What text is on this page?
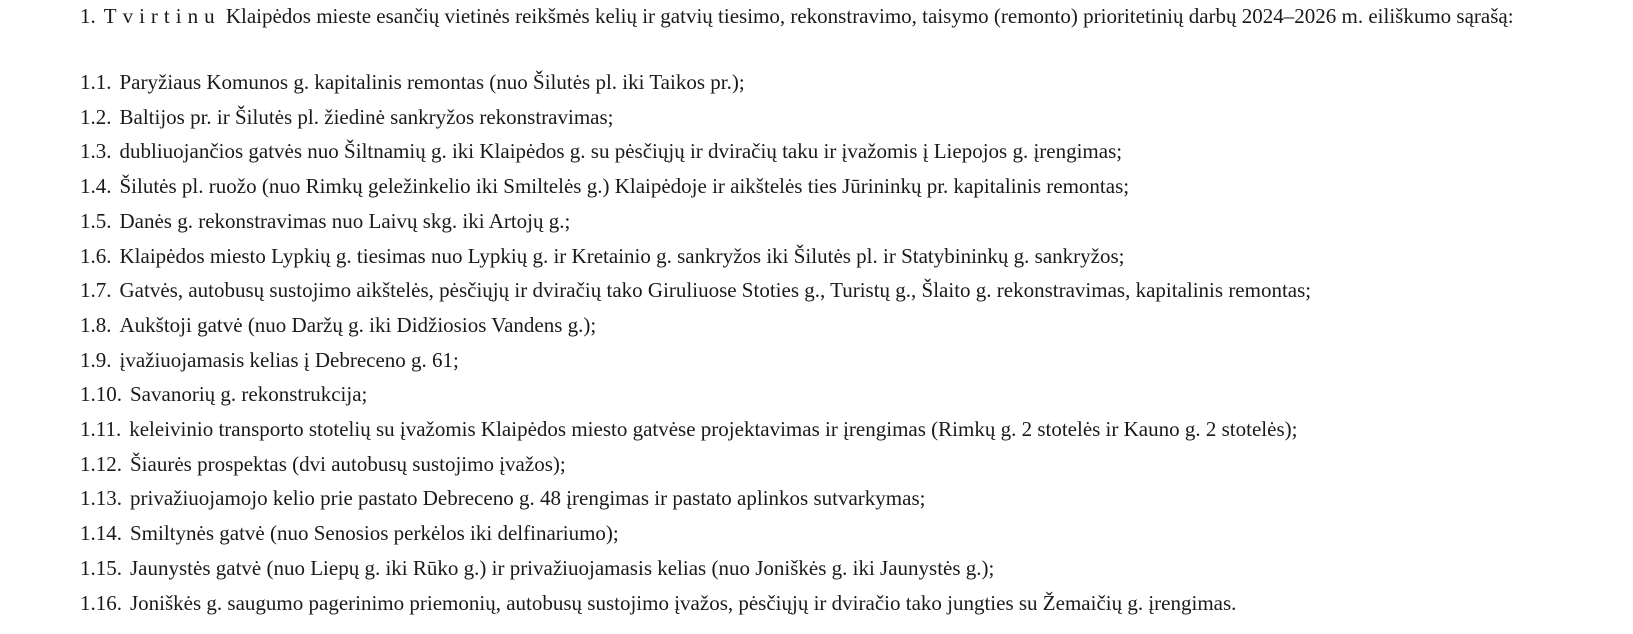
1. Tvirtinu Klaipėdos mieste esančių vietinės reikšmės kelių ir gatvių tiesimo, rekonstravimo, taisymo (remonto) prioritetinių darbų 2024–2026 m. eiliškumo sąrašą:

1.1. Paryžiaus Komunos g. kapitalinis remontas (nuo Šilutės pl. iki Taikos pr.);
1.2. Baltijos pr. ir Šilutės pl. žiedinė sankryžos rekonstravimas;
1.3. dubliuojančios gatvės nuo Šiltnamių g. iki Klaipėdos g. su pėsčiųjų ir dviračių taku ir įvažomis į Liepojos g. įrengimas;
1.4. Šilutės pl. ruožo (nuo Rimkų geležinkelio iki Smiltelės g.) Klaipėdoje ir aikštelės ties Jūrininkų pr. kapitalinis remontas;
1.5. Danės g. rekonstravimas nuo Laivų skg. iki Artojų g.;
1.6. Klaipėdos miesto Lypkių g. tiesimas nuo Lypkių g. ir Kretainio g. sankryžos iki Šilutės pl. ir Statybininkų g. sankryžos;
1.7. Gatvės, autobusų sustojimo aikštelės, pėsčiųjų ir dviračių tako Giruliuose Stoties g., Turistų g., Šlaito g. rekonstravimas, kapitalinis remontas;
1.8. Aukštoji gatvė (nuo Daržų g. iki Didžiosios Vandens g.);
1.9. įvažiuojamasis kelias į Debreceno g. 61;
1.10. Savanorių g. rekonstrukcija;
1.11. keleivinio transporto stotelių su įvažomis Klaipėdos miesto gatvėse projektavimas ir įrengimas (Rimkų g. 2 stotelės ir Kauno g. 2 stotelės);
1.12. Šiaurės prospektas (dvi autobusų sustojimo įvažos);
1.13. privažiuojamojo kelio prie pastato Debreceno g. 48 įrengimas ir pastato aplinkos sutvarkymas;
1.14. Smiltynės gatvė (nuo Senosios perkėlos iki delfinariumo);
1.15. Jaunystės gatvė (nuo Liepų g. iki Rūko g.) ir privažiuojamasis kelias (nuo Joniškės g. iki Jaunystės g.);
1.16. Joniškės g. saugumo pagerinimo priemonių, autobusų sustojimo įvažos, pėsčiųjų ir dviračio tako jungties su Žemaičių g. įrengimas.
